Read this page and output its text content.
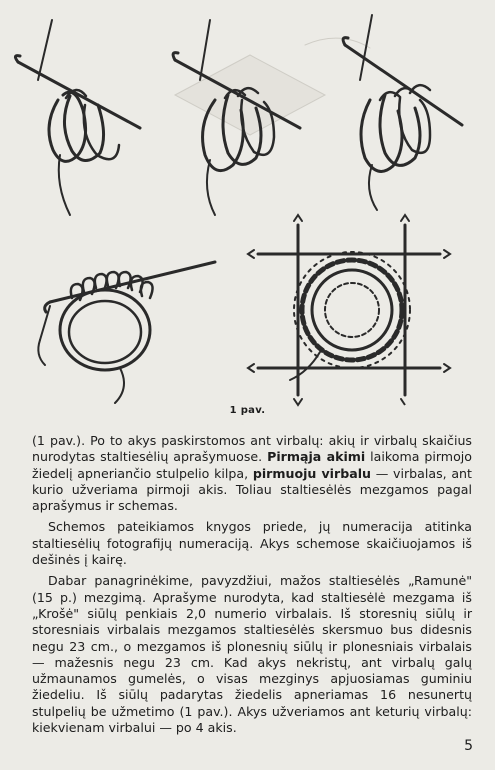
1 pav.

(1 pav.). Po to akys paskirstomos ant virbalų: akių ir virbalų skaičius nurodytas staltiesėlių aprašymuose. Pirmąja akimi laikoma pirmojo žiedelį apnerianči​o stulpelio kilpa, pirmuoju virbalu — virbalas, ant kurio užveriama pirmoji akis. Toliau staltiesėlės mezgamos pagal aprašymus ir schemas.

Schemos pateikiamos knygos priede, jų numeracija atitinka staltiesėlių fotografijų numeraciją. Akys schemose skaičiuojamos iš dešinės į kairę.

Dabar panagrinėkime, pavyzdžiui, mažos staltiesėlės „Ramunė" (15 p.) mezgimą. Aprašyme nurodyta, kad staltiesėlė mezgama iš „Krošė" siūlų penkiais 2,0 numerio virbalais. Iš storesnių siūlų ir storesniais virbalais mezgamos staltiesėlės skersmuo bus didesnis negu 23 cm., o mezgamos iš plonesnių siūlų ir plonesniais virbalais — mažesnis negu 23 cm. Kad akys nekristų, ant virbalų galų užmaunamos gumelės, o visas mezginys apjuosiamas guminiu žiedeliu. Iš siūlų padarytas žiedelis apneriamas 16 nesunertų stulpelių be užmetimo (1 pav.). Akys užveriamos ant keturių virbalų: kiekvienam virbalui — po 4 akis.

5
